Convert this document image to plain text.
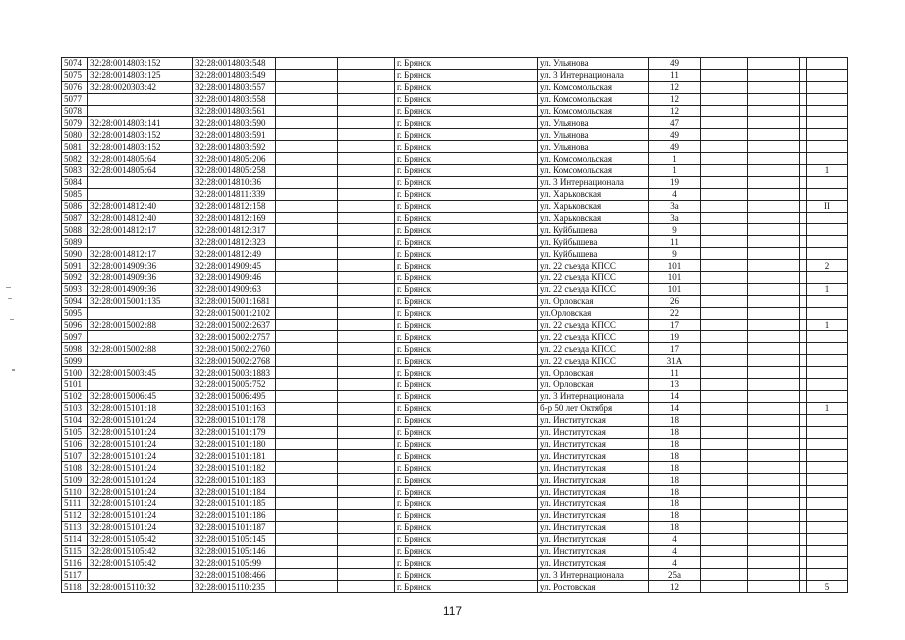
5074	32:28:0014803:152	32:28:0014803:548			г. Брянск	ул. Ульянова	49				
5075	32:28:0014803:125	32:28:0014803:549			г. Брянск	ул. 3 Интернационала	11				
5076	32:28:0020303:42	32:28:0014803:557			г. Брянск	ул. Комсомольская	12				
5077		32:28:0014803:558			г. Брянск	ул. Комсомольская	12				
5078		32:28:0014803:561			г. Брянск	ул. Комсомольская	12				
5079	32:28:0014803:141	32:28:0014803:590			г. Брянск	ул. Ульянова	47				
5080	32:28:0014803:152	32:28:0014803:591			г. Брянск	ул. Ульянова	49				
5081	32:28:0014803:152	32:28:0014803:592			г. Брянск	ул. Ульянова	49				
5082	32:28:0014805:64	32:28:0014805:206			г. Брянск	ул. Комсомольская	1				
5083	32:28:0014805:64	32:28:0014805:258			г. Брянск	ул. Комсомольская	1				1
5084		32:28:0014810:36			г. Брянск	ул. 3 Интернационала	19				
5085		32:28:0014811:339			г. Брянск	ул. Харьковская	4				
5086	32:28:0014812:40	32:28:0014812:158			г. Брянск	ул. Харьковская	3а				II
5087	32:28:0014812:40	32:28:0014812:169			г. Брянск	ул. Харьковская	3а				
5088	32:28:0014812:17	32:28:0014812:317			г. Брянск	ул. Куйбышева	9				
5089		32:28:0014812:323			г. Брянск	ул. Куйбышева	11				
5090	32:28:0014812:17	32:28:0014812:49			г. Брянск	ул. Куйбышева	9				
5091	32:28:0014909:36	32:28:0014909:45			г. Брянск	ул. 22 съезда КПСС	101				2
5092	32:28:0014909:36	32:28:0014909:46			г. Брянск	ул. 22 съезда КПСС	101				
5093	32:28:0014909:36	32:28:0014909:63			г. Брянск	ул. 22 съезда КПСС	101				1
5094	32:28:0015001:135	32:28:0015001:1681			г. Брянск	ул. Орловская	26				
5095		32:28:0015001:2102			г. Брянск	ул.Орловская	22				
5096	32:28:0015002:88	32:28:0015002:2637			г. Брянск	ул. 22 съезда КПСС	17				1
5097		32:28:0015002:2757			г. Брянск	ул. 22 съезда КПСС	19				
5098	32:28:0015002:88	32:28:0015002:2760			г. Брянск	ул. 22 съезда КПСС	17				
5099		32:28:0015002:2768			г. Брянск	ул. 22 съезда КПСС	31А				
5100	32:28:0015003:45	32:28:0015003:1883			г. Брянск	ул. Орловская	11				
5101		32:28:0015005:752			г. Брянск	ул. Орловская	13				
5102	32:28:0015006:45	32:28:0015006:495			г. Брянск	ул. 3 Интернационала	14				
5103	32:28:0015101:18	32:28:0015101:163			г. Брянск	б-р 50 лет Октября	14				1
5104	32:28:0015101:24	32:28:0015101:178			г. Брянск	ул. Институтская	18				
5105	32:28:0015101:24	32:28:0015101:179			г. Брянск	ул. Институтская	18				
5106	32:28:0015101:24	32:28:0015101:180			г. Брянск	ул. Институтская	18				
5107	32:28:0015101:24	32:28:0015101:181			г. Брянск	ул. Институтская	18				
5108	32:28:0015101:24	32:28:0015101:182			г. Брянск	ул. Институтская	18				
5109	32:28:0015101:24	32:28:0015101:183			г. Брянск	ул. Институтская	18				
5110	32:28:0015101:24	32:28:0015101:184			г. Брянск	ул. Институтская	18				
5111	32:28:0015101:24	32:28:0015101:185			г. Брянск	ул. Институтская	18				
5112	32:28:0015101:24	32:28:0015101:186			г. Брянск	ул. Институтская	18				
5113	32:28:0015101:24	32:28:0015101:187			г. Брянск	ул. Институтская	18				
5114	32:28:0015105:42	32:28:0015105:145			г. Брянск	ул. Институтская	4				
5115	32:28:0015105:42	32:28:0015105:146			г. Брянск	ул. Институтская	4				
5116	32:28:0015105:42	32:28:0015105:99			г. Брянск	ул. Институтская	4				
5117		32:28:0015108:466			г. Брянск	ул. 3 Интернационала	25а				
5118	32:28:0015110:32	32:28:0015110:235			г. Брянск	ул. Ростовская	12				5
117
